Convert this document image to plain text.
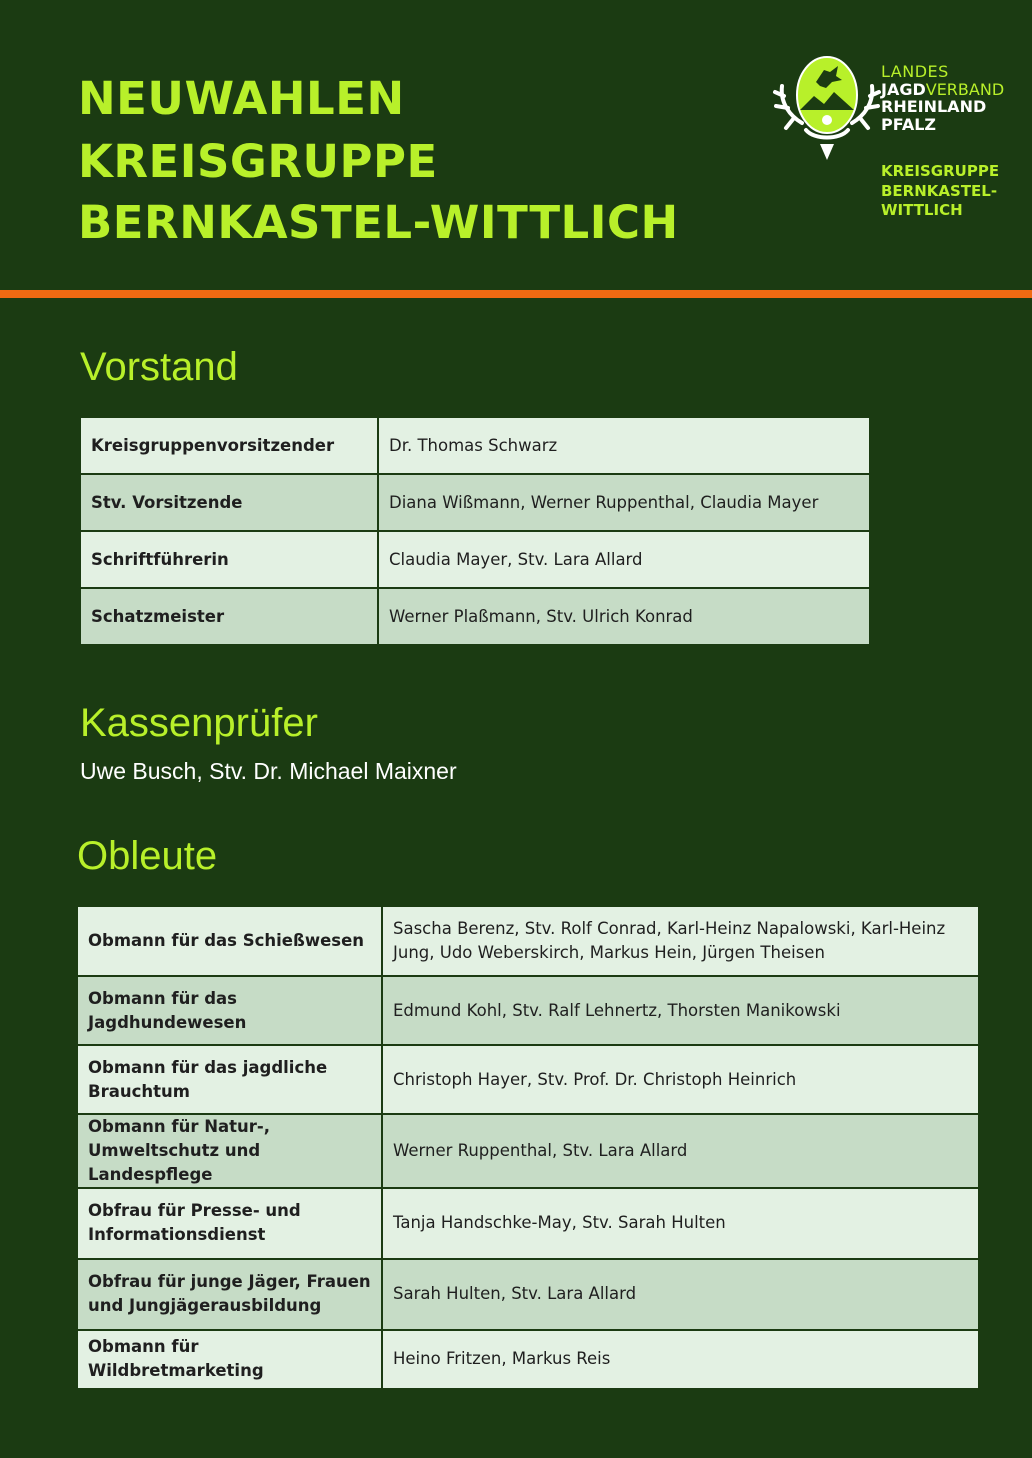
NEUWAHLEN
KREISGRUPPE
BERNKASTEL-WITTLICH
LANDES
JAGDVERBAND
RHEINLAND
PFALZ
KREISGRUPPE
BERNKASTEL-
WITTLICH
Vorstand
Kreisgruppenvorsitzender	Dr. Thomas Schwarz
Stv. Vorsitzende	Diana Wißmann, Werner Ruppenthal, Claudia Mayer
Schriftführerin	Claudia Mayer, Stv. Lara Allard
Schatzmeister	Werner Plaßmann, Stv. Ulrich Konrad
Kassenprüfer
Uwe Busch, Stv. Dr. Michael Maixner
Obleute
Obmann für das Schießwesen	Sascha Berenz, Stv. Rolf Conrad, Karl-Heinz Napalowski, Karl-Heinz Jung, Udo Weberskirch, Markus Hein, Jürgen Theisen
Obmann für das Jagdhundewesen	Edmund Kohl, Stv. Ralf Lehnertz, Thorsten Manikowski
Obmann für das jagdliche Brauchtum	Christoph Hayer, Stv. Prof. Dr. Christoph Heinrich
Obmann für Natur-, Umweltschutz und Landespflege	Werner Ruppenthal, Stv. Lara Allard
Obfrau für Presse- und Informationsdienst	Tanja Handschke-May, Stv. Sarah Hulten
Obfrau für junge Jäger, Frauen und Jungjägerausbildung	Sarah Hulten, Stv. Lara Allard
Obmann für Wildbretmarketing	Heino Fritzen, Markus Reis
